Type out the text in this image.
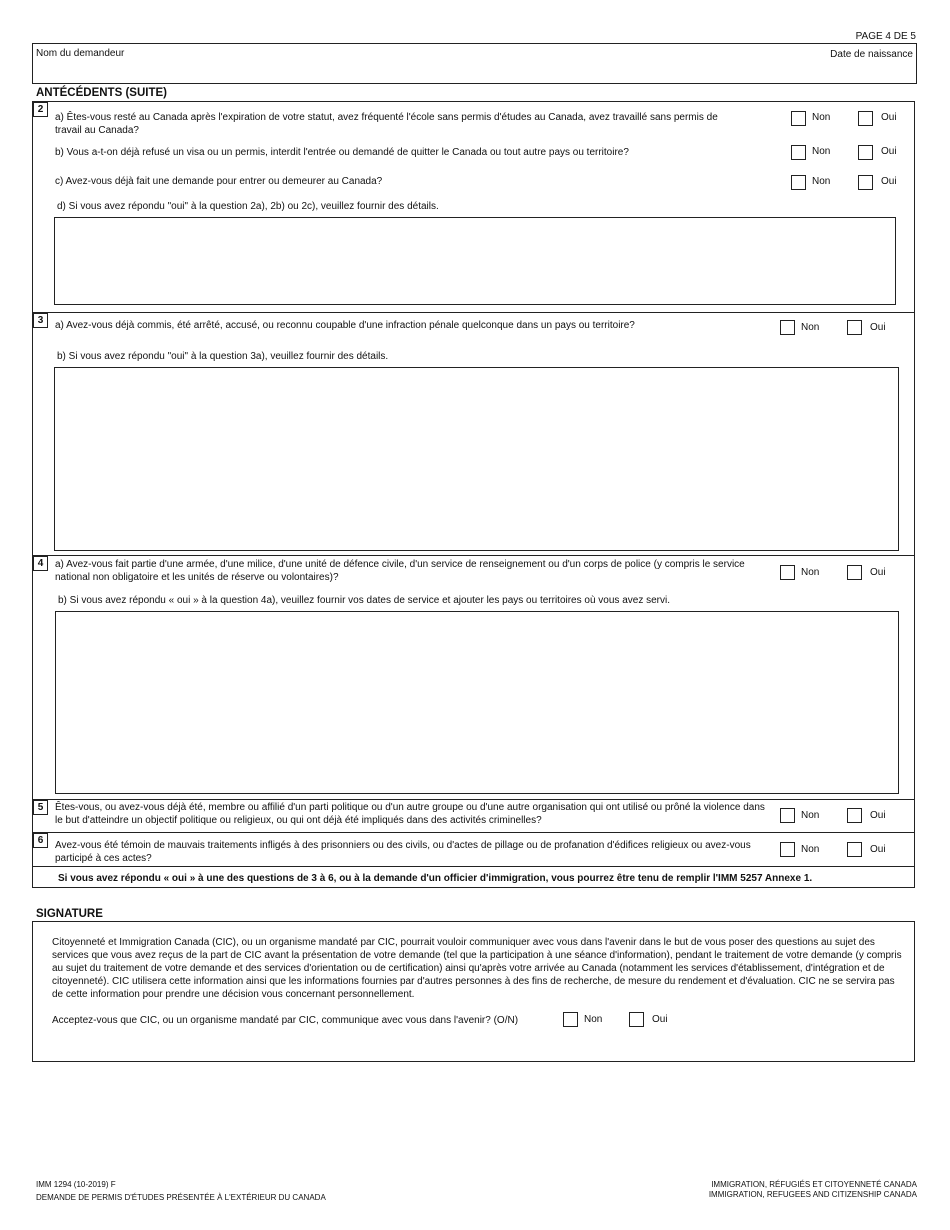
PAGE 4 DE 5
Nom du demandeur	Date de naissance
ANTÉCÉDENTS (SUITE)
2
a) Êtes-vous resté au Canada après l'expiration de votre statut, avez fréquenté l'école sans permis d'études au Canada, avez travaillé sans permis de travail au Canada?
Non	Oui
b) Vous a-t-on déjà refusé un visa ou un permis, interdit l'entrée ou demandé de quitter le Canada ou tout autre pays ou territoire?	Non	Oui
c) Avez-vous déjà fait une demande pour entrer ou demeurer au Canada?	Non	Oui
d) Si vous avez répondu "oui" à la question 2a), 2b) ou 2c), veuillez fournir des détails.
3	a) Avez-vous déjà commis, été arrêté, accusé, ou reconnu coupable d'une infraction pénale quelconque dans un pays ou territoire?	Non	Oui
b) Si vous avez répondu "oui" à la question 3a), veuillez fournir des détails.
4	a) Avez-vous fait partie d'une armée, d'une milice, d'une unité de défence civile, d'un service de renseignement ou d'un corps de police (y compris le service national non obligatoire et les unités de réserve ou volontaires)?	Non	Oui
b) Si vous avez répondu « oui » à la question 4a), veuillez fournir vos dates de service et ajouter les pays ou territoires où vous avez servi.
5	Êtes-vous, ou avez-vous déjà été, membre ou affilié d'un parti politique ou d'un autre groupe ou d'une autre organisation qui ont utilisé ou prôné la violence dans le but d'atteindre un objectif politique ou religieux, ou qui ont déjà été impliqués dans des activités criminelles?	Non	Oui
6	Avez-vous été témoin de mauvais traitements infligés à des prisonniers ou des civils, ou d'actes de pillage ou de profanation d'édifices religieux ou avez-vous participé à ces actes?
Non	Oui
Si vous avez répondu « oui » à une des questions de 3 à 6, ou à la demande d'un officier d'immigration, vous pourrez être tenu de remplir l'IMM 5257 Annexe 1.
SIGNATURE
Citoyenneté et Immigration Canada (CIC), ou un organisme mandaté par CIC, pourrait vouloir communiquer avec vous dans l'avenir dans le but de vous poser des questions au sujet des services que vous avez reçus de la part de CIC avant la présentation de votre demande (tel que la participation à une séance d'information), pendant le traitement de votre demande (y compris au sujet du traitement de votre demande et des services d'orientation ou de certification) ainsi qu'après votre arrivée au Canada (notamment les services d'établissement, d'intégration et de citoyenneté). CIC utilisera cette information ainsi que les informations fournies par d'autres personnes à des fins de recherche, de mesure du rendement et d'évaluation. CIC ne se servira pas de cette information pour prendre une décision vous concernant personnellement.
Acceptez-vous que CIC, ou un organisme mandaté par CIC, communique avec vous dans l'avenir? (O/N)	Non	Oui
IMM 1294 (10-2019) F
DEMANDE DE PERMIS D'ÉTUDES PRÉSENTÉE À L'EXTÉRIEUR DU CANADA
IMMIGRATION, RÉFUGIÉS ET CITOYENNETÉ CANADA
IMMIGRATION, REFUGEES AND CITIZENSHIP CANADA
